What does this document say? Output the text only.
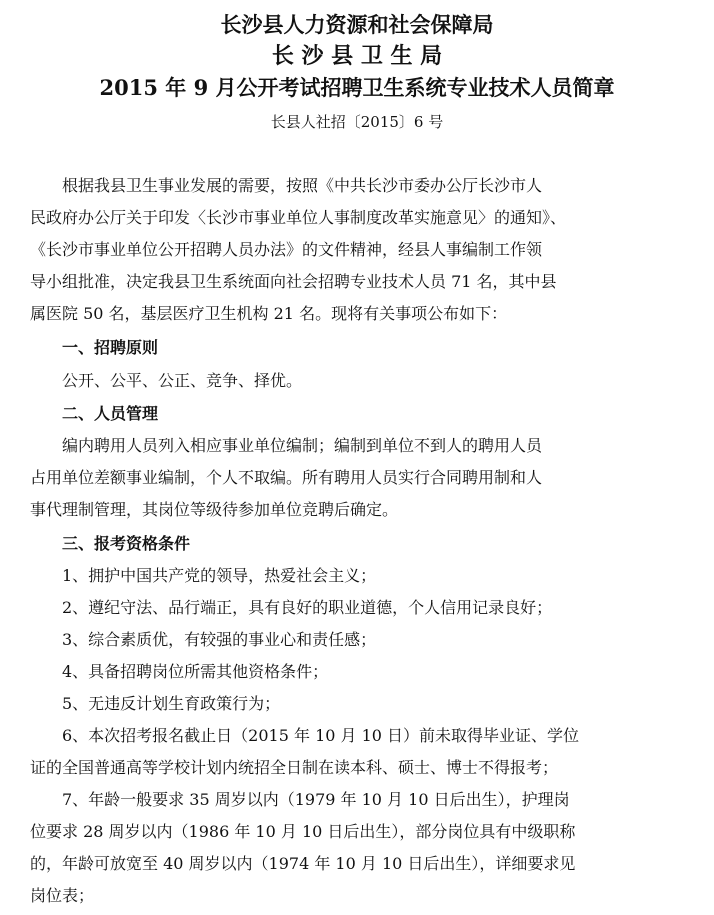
长沙县人力资源和社会保障局
长 沙 县 卫 生 局
2015 年 9 月公开考试招聘卫生系统专业技术人员简章
长县人社招〔2015〕6 号
根据我县卫生事业发展的需要，按照《中共长沙市委办公厅长沙市人
民政府办公厅关于印发〈长沙市事业单位人事制度改革实施意见〉的通知》、
《长沙市事业单位公开招聘人员办法》的文件精神，经县人事编制工作领
导小组批准，决定我县卫生系统面向社会招聘专业技术人员 71 名，其中县
属医院 50 名，基层医疗卫生机构 21 名。现将有关事项公布如下：
一、招聘原则
公开、公平、公正、竞争、择优。
二、人员管理
编内聘用人员列入相应事业单位编制；编制到单位不到人的聘用人员
占用单位差额事业编制，个人不取编。所有聘用人员实行合同聘用制和人
事代理制管理，其岗位等级待参加单位竞聘后确定。
三、报考资格条件
1、拥护中国共产党的领导，热爱社会主义；
2、遵纪守法、品行端正，具有良好的职业道德，个人信用记录良好；
3、综合素质优，有较强的事业心和责任感；
4、具备招聘岗位所需其他资格条件；
5、无违反计划生育政策行为；
6、本次招考报名截止日（2015 年 10 月 10 日）前未取得毕业证、学位
证的全国普通高等学校计划内统招全日制在读本科、硕士、博士不得报考；
7、年龄一般要求 35 周岁以内（1979 年 10 月 10 日后出生），护理岗
位要求 28 周岁以内（1986 年 10 月 10 日后出生），部分岗位具有中级职称
的，年龄可放宽至 40 周岁以内（1974 年 10 月 10 日后出生），详细要求见
岗位表；
